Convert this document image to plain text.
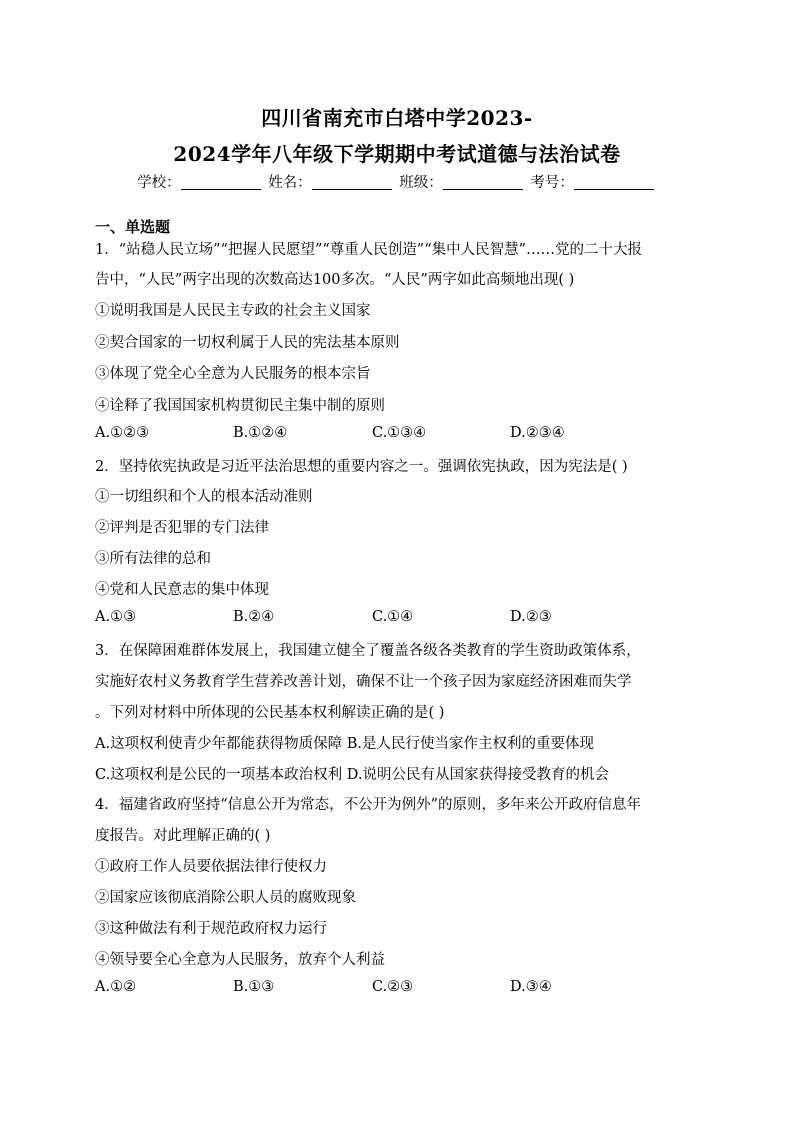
四川省南充市白塔中学2023-
2024学年八年级下学期期中考试道德与法治试卷
学校：	姓名：	班级：	考号：
一、单选题
1．“站稳人民立场”“把握人民愿望”“尊重人民创造”“集中人民智慧”……党的二十大报
告中，“人民”两字出现的次数高达100多次。“人民”两字如此高频地出现( )
①说明我国是人民民主专政的社会主义国家
②契合国家的一切权利属于人民的宪法基本原则
③体现了党全心全意为人民服务的根本宗旨
④诠释了我国国家机构贯彻民主集中制的原则
A.①②③	B.①②④	C.①③④	D.②③④
2．坚持依宪执政是习近平法治思想的重要内容之一。强调依宪执政，因为宪法是( )
①一切组织和个人的根本活动准则
②评判是否犯罪的专门法律
③所有法律的总和
④党和人民意志的集中体现
A.①③	B.②④	C.①④	D.②③
3．在保障困难群体发展上，我国建立健全了覆盖各级各类教育的学生资助政策体系，
实施好农村义务教育学生营养改善计划，确保不让一个孩子因为家庭经济困难而失学
。下列对材料中所体现的公民基本权利解读正确的是( )
A.这项权利使青少年都能获得物质保障 B.是人民行使当家作主权利的重要体现
C.这项权利是公民的一项基本政治权利 D.说明公民有从国家获得接受教育的机会
4．福建省政府坚持“信息公开为常态，不公开为例外”的原则，多年来公开政府信息年
度报告。对此理解正确的( )
①政府工作人员要依据法律行使权力
②国家应该彻底消除公职人员的腐败现象
③这种做法有利于规范政府权力运行
④领导要全心全意为人民服务，放弃个人利益
A.①②	B.①③	C.②③	D.③④
